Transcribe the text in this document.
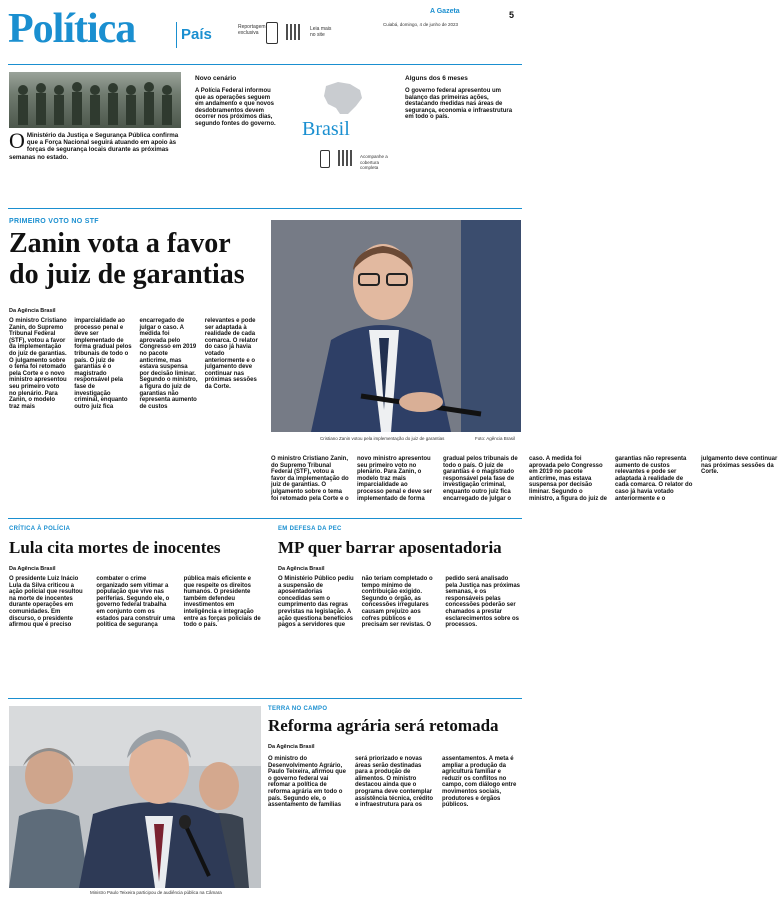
Política	País	Reportagem
exclusiva
Leia mais
no site
A Gazeta
Cuiabá, domingo, 4 de junho de 2023
5
O Ministério da Justiça e Segurança Pública confirma que a Força Nacional seguirá atuando em apoio às forças de segurança locais durante as próximas semanas no estado.
Novo cenário
A Polícia Federal informou que as operações seguem em andamento e que novos desdobramentos devem ocorrer nos próximos dias, segundo fontes do governo. Brasil
Acompanhe a cobertura completa
Alguns dos 6 meses
O governo federal apresentou um balanço das primeiras ações, destacando medidas nas áreas de segurança, economia e infraestrutura em todo o país.
PRIMEIRO VOTO NO STF
Zanin vota a favor
do juiz de garantias
Da Agência Brasil
O ministro Cristiano Zanin, do Supremo Tribunal Federal (STF), votou a favor da implementação do juiz de garantias. O julgamento sobre o tema foi retomado pela Corte e o novo ministro apresentou seu primeiro voto no plenário. Para Zanin, o modelo traz mais imparcialidade ao processo penal e deve ser implementado de forma gradual pelos tribunais de todo o país. O juiz de garantias é o magistrado responsável pela fase de investigação criminal, enquanto outro juiz fica encarregado de julgar o caso. A medida foi aprovada pelo Congresso em 2019 no pacote anticrime, mas estava suspensa por decisão liminar. Segundo o ministro, a figura do juiz de garantias não representa aumento de custos relevantes e pode ser adaptada à realidade de cada comarca. O relator do caso já havia votado anteriormente e o julgamento deve continuar nas próximas sessões da Corte.
Cristiano Zanin votou pela implementação do juiz de garantias	Foto: Agência Brasil
O ministro Cristiano Zanin, do Supremo Tribunal Federal (STF), votou a favor da implementação do juiz de garantias. O julgamento sobre o tema foi retomado pela Corte e o novo ministro apresentou seu primeiro voto no plenário. Para Zanin, o modelo traz mais imparcialidade ao processo penal e deve ser implementado de forma gradual pelos tribunais de todo o país. O juiz de garantias é o magistrado responsável pela fase de investigação criminal, enquanto outro juiz fica encarregado de julgar o caso. A medida foi aprovada pelo Congresso em 2019 no pacote anticrime, mas estava suspensa por decisão liminar. Segundo o ministro, a figura do juiz de garantias não representa aumento de custos relevantes e pode ser adaptada à realidade de cada comarca. O relator do caso já havia votado anteriormente e o julgamento deve continuar nas próximas sessões da Corte.
CRÍTICA À POLÍCIA
Lula cita mortes de inocentes
Da Agência Brasil
O presidente Luiz Inácio Lula da Silva criticou a ação policial que resultou na morte de inocentes durante operações em comunidades. Em discurso, o presidente afirmou que é preciso combater o crime organizado sem vitimar a população que vive nas periferias. Segundo ele, o governo federal trabalha em conjunto com os estados para construir uma política de segurança pública mais eficiente e que respeite os direitos humanos. O presidente também defendeu investimentos em inteligência e integração entre as forças policiais de todo o país.
EM DEFESA DA PEC
MP quer barrar aposentadoria
Da Agência Brasil
O Ministério Público pediu a suspensão de aposentadorias concedidas sem o cumprimento das regras previstas na legislação. A ação questiona benefícios pagos a servidores que não teriam completado o tempo mínimo de contribuição exigido. Segundo o órgão, as concessões irregulares causam prejuízo aos cofres públicos e precisam ser revistas. O pedido será analisado pela Justiça nas próximas semanas, e os responsáveis pelas concessões poderão ser chamados a prestar esclarecimentos sobre os processos.
Ministro Paulo Teixeira participou de audiência pública na Câmara
TERRA NO CAMPO
Reforma agrária será retomada
Da Agência Brasil
O ministro do Desenvolvimento Agrário, Paulo Teixeira, afirmou que o governo federal vai retomar a política de reforma agrária em todo o país. Segundo ele, o assentamento de famílias será priorizado e novas áreas serão destinadas para a produção de alimentos. O ministro destacou ainda que o programa deve contemplar assistência técnica, crédito e infraestrutura para os assentamentos. A meta é ampliar a produção da agricultura familiar e reduzir os conflitos no campo, com diálogo entre movimentos sociais, produtores e órgãos públicos.
